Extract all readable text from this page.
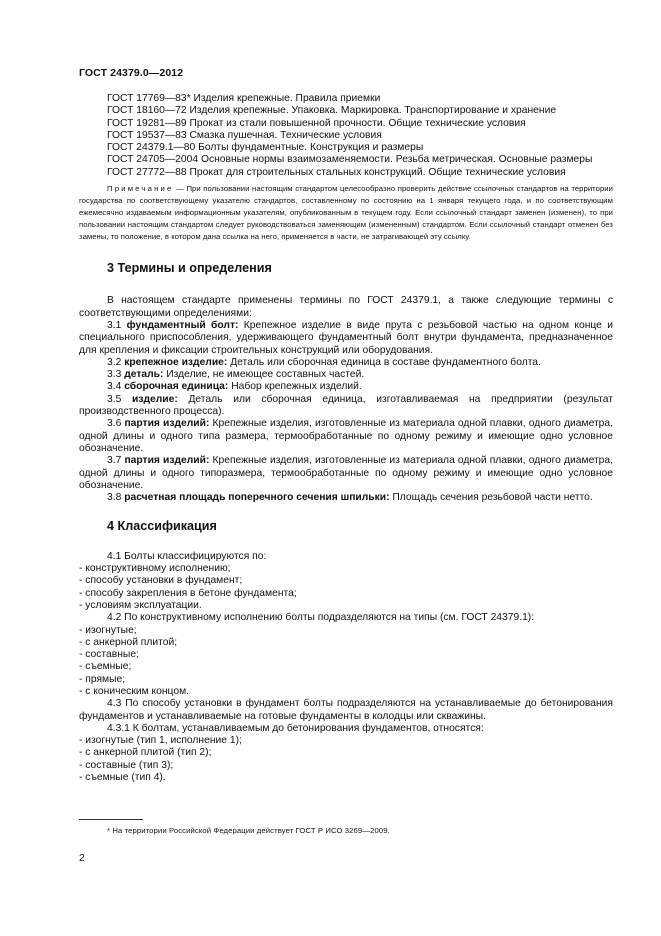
ГОСТ 24379.0—2012

ГОСТ 17769—83* Изделия крепежные. Правила приемки

ГОСТ 18160—72 Изделия крепежные. Упаковка. Маркировка. Транспортирование и хранение

ГОСТ 19281—89 Прокат из стали повышенной прочности. Общие технические условия

ГОСТ 19537—83 Смазка пушечная. Технические условия

ГОСТ 24379.1—80 Болты фундаментные. Конструкция и размеры

ГОСТ 24705—2004 Основные нормы взаимозаменяемости. Резьба метрическая. Основные размеры

ГОСТ 27772—88 Прокат для строительных стальных конструкций. Общие технические условия

Примечание — При пользовании настоящим стандартом целесообразно проверить действие ссылочных стандартов на территории государства по соответствующему указателю стандартов, составленному по состоянию на 1 января текущего года, и по соответствующим ежемесячно издаваемым информационным указателям, опубликованным в текущем году. Если ссылочный стандарт заменен (изменен), то при пользовании настоящим стандартом следует руководствоваться заменяющим (измененным) стандартом. Если ссылочный стандарт отменен без замены, то положение, в котором дана ссылка на него, применяется в части, не затрагивающей эту ссылку.

3 Термины и определения

В настоящем стандарте применены термины по ГОСТ 24379.1, а также следующие термины с соответствующими определениями:

3.1 фундаментный болт: Крепежное изделие в виде прута с резьбовой частью на одном конце и специального приспособления, удерживающего фундаментный болт внутри фундамента, предназначенное для крепления и фиксации строительных конструкций или оборудования.

3.2 крепежное изделие: Деталь или сборочная единица в составе фундаментного болта.

3.3 деталь: Изделие, не имеющее составных частей.

3.4 сборочная единица: Набор крепежных изделий.

3.5 изделие: Деталь или сборочная единица, изготавливаемая на предприятии (результат производственного процесса).

3.6 партия изделий: Крепежные изделия, изготовленные из материала одной плавки, одного диаметра, одной длины и одного типа размера, термообработанные по одному режиму и имеющие одно условное обозначение.

3.7 партия изделий: Крепежные изделия, изготовленные из материала одной плавки, одного диаметра, одной длины и одного типоразмера, термообработанные по одному режиму и имеющие одно условное обозначение.

3.8 расчетная площадь поперечного сечения шпильки: Площадь сечения резьбовой части нетто.

4 Классификация

4.1 Болты классифицируются по:

- конструктивному исполнению;

- способу установки в фундамент;

- способу закрепления в бетоне фундамента;

- условиям эксплуатации.

4.2 По конструктивному исполнению болты подразделяются на типы (см. ГОСТ 24379.1):

- изогнутые;

- с анкерной плитой;

- составные;

- съемные;

- прямые;

- с коническим концом.

4.3 По способу установки в фундамент болты подразделяются на устанавливаемые до бетонирования фундаментов и устанавливаемые на готовые фундаменты в колодцы или скважины.

4.3.1 К болтам, устанавливаемым до бетонирования фундаментов, относятся:

- изогнутые (тип 1, исполнение 1);

- с анкерной плитой (тип 2);

- составные (тип 3);

- съемные (тип 4).

* На территории Российской Федерации действует ГОСТ Р ИСО 3269—2009.
2
